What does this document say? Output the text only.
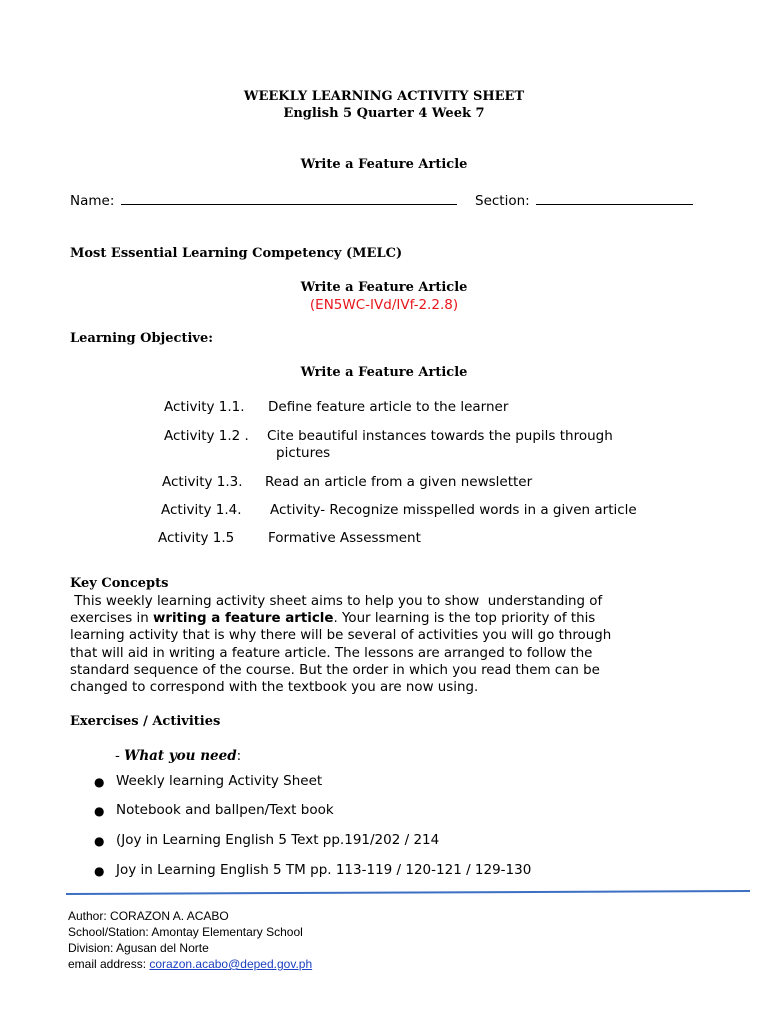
WEEKLY LEARNING ACTIVITY SHEET
English 5 Quarter 4 Week 7
Write a Feature Article
Name:	Section:
Most Essential Learning Competency (MELC)
Write a Feature Article
(EN5WC-IVd/IVf-2.2.8)
Learning Objective:
Write a Feature Article
Activity 1.1. Define feature article to the learner
Activity 1.2 . Cite beautiful instances towards the pupils through
pictures
Activity 1.3. Read an article from a given newsletter
Activity 1.4. Activity- Recognize misspelled words in a given article
Activity 1.5	Formative Assessment
Key Concepts
This weekly learning activity sheet aims to help you to show  understanding of
exercises in writing a feature article. Your learning is the top priority of this
learning activity that is why there will be several of activities you will go through
that will aid in writing a feature article. The lessons are arranged to follow the
standard sequence of the course. But the order in which you read them can be
changed to correspond with the textbook you are now using.
Exercises / Activities
- What you need:
● Weekly learning Activity Sheet
● Notebook and ballpen/Text book
● (Joy in Learning English 5 Text pp.191/202 / 214
● Joy in Learning English 5 TM pp. 113-119 / 120-121 / 129-130
Author: CORAZON A. ACABO
School/Station: Amontay Elementary School
Division: Agusan del Norte
email address: corazon.acabo@deped.gov.ph
